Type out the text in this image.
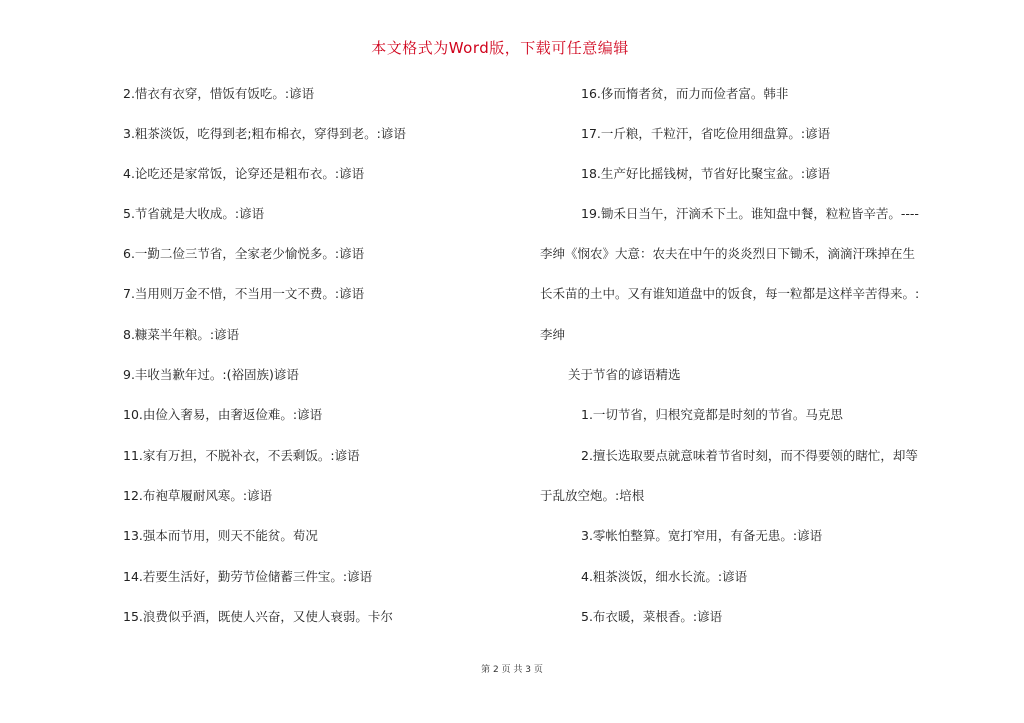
本文格式为Word版，下载可任意编辑
2.惜衣有衣穿，惜饭有饭吃。:谚语
3.粗茶淡饭，吃得到老;粗布棉衣，穿得到老。:谚语
4.论吃还是家常饭，论穿还是粗布衣。:谚语
5.节省就是大收成。:谚语
6.一勤二俭三节省，全家老少愉悦多。:谚语
7.当用则万金不惜，不当用一文不费。:谚语
8.糠菜半年粮。:谚语
9.丰收当歉年过。:(裕固族)谚语
10.由俭入奢易，由奢返俭难。:谚语
11.家有万担，不脱补衣，不丢剩饭。:谚语
12.布袍草履耐风寒。:谚语
13.强本而节用，则天不能贫。荀况
14.若要生活好，勤劳节俭储蓄三件宝。:谚语
15.浪费似乎酒，既使人兴奋，又使人衰弱。卡尔
16.侈而惰者贫，而力而俭者富。韩非
17.一斤粮，千粒汗，省吃俭用细盘算。:谚语
18.生产好比摇钱树，节省好比聚宝盆。:谚语
19.锄禾日当午，汗滴禾下土。谁知盘中餐，粒粒皆辛苦。----
李绅《悯农》大意：农夫在中午的炎炎烈日下锄禾，滴滴汗珠掉在生
长禾苗的土中。又有谁知道盘中的饭食，每一粒都是这样辛苦得来。:
李绅
关于节省的谚语精选
1.一切节省，归根究竟都是时刻的节省。马克思
2.擅长选取要点就意味着节省时刻，而不得要领的瞎忙，却等
于乱放空炮。:培根
3.零帐怕整算。宽打窄用，有备无患。:谚语
4.粗茶淡饭，细水长流。:谚语
5.布衣暖，菜根香。:谚语
第 2 页 共 3 页
